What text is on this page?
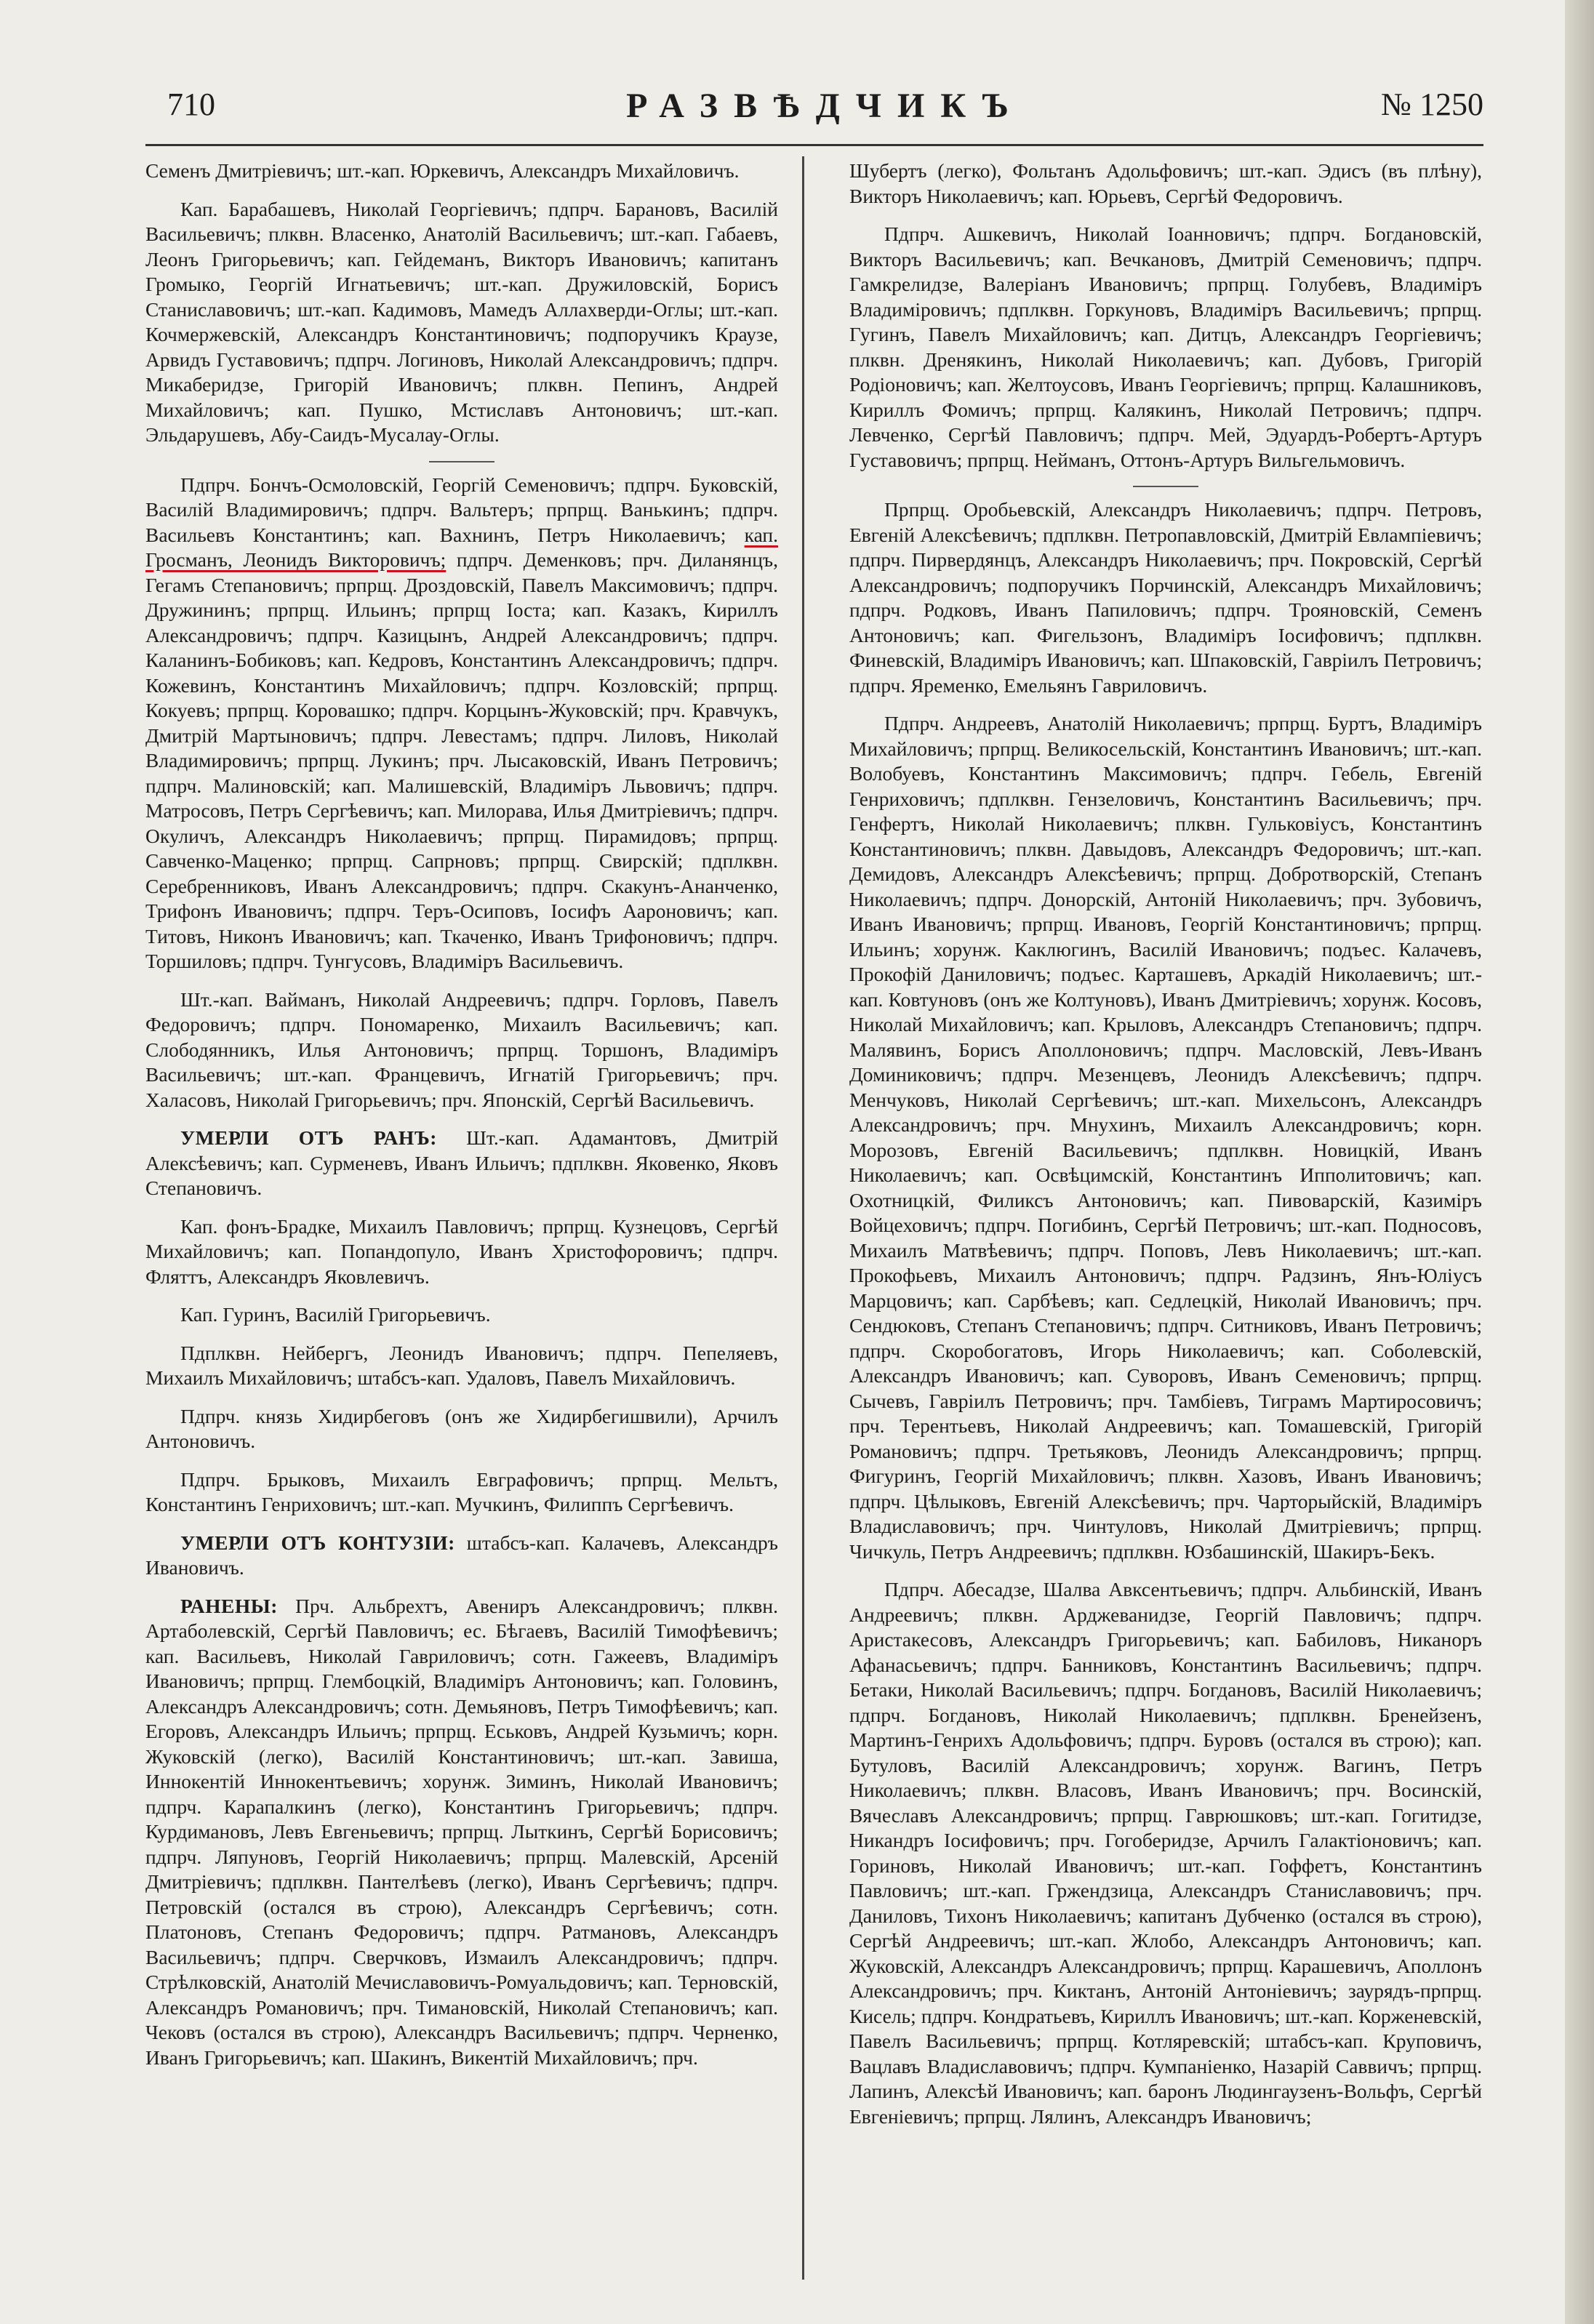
710	РАЗВѢДЧИКЪ	№ 1250

Семенъ Дмитріевичъ; шт.-кап. Юркевичъ, Александръ Михайловичъ.

Кап. Барабашевъ, Николай Георгіевичъ; пдпрч. Барановъ, Василій Васильевичъ; плквн. Власенко, Анатолій Васильевичъ; шт.-кап. Габаевъ, Леонъ Григорьевичъ; кап. Гейдеманъ, Викторъ Ивановичъ; капитанъ Громыко, Георгій Игнатьевичъ; шт.-кап. Дружиловскій, Борисъ Станиславовичъ; шт.-кап. Кадимовъ, Мамедъ Аллахверди-Оглы; шт.-кап. Кочмержевскій, Александръ Константиновичъ; подпоручикъ Краузе, Арвидъ Густавовичъ; пдпрч. Логиновъ, Николай Александровичъ; пдпрч. Микаберидзе, Григорій Ивановичъ; плквн. Пепинъ, Андрей Михайловичъ; кап. Пушко, Мстиславъ Антоновичъ; шт.-кап. Эльдарушевъ, Абу-Саидъ-Мусалау-Оглы.

Пдпрч. Бончъ-Осмоловскій, Георгій Семеновичъ; пдпрч. Буковскій, Василій Владимировичъ; пдпрч. Вальтеръ; прпрщ. Ванькинъ; пдпрч. Васильевъ Константинъ; кап. Вахнинъ, Петръ Николаевичъ; кап. Гросманъ, Леонидъ Викторовичъ; пдпрч. Деменковъ; прч. Диланянцъ, Гегамъ Степановичъ; прпрщ. Дроздовскій, Павелъ Максимовичъ; пдпрч. Дружининъ; прпрщ. Ильинъ; прпрщ Іоста; кап. Казакъ, Кириллъ Александровичъ; пдпрч. Казицынъ, Андрей Александровичъ; пдпрч. Каланинъ-Бобиковъ; кап. Кедровъ, Константинъ Александровичъ; пдпрч. Кожевинъ, Константинъ Михайловичъ; пдпрч. Козловскій; прпрщ. Кокуевъ; прпрщ. Коровашко; пдпрч. Корцынъ-Жуковскій; прч. Кравчукъ, Дмитрій Мартыновичъ; пдпрч. Левестамъ; пдпрч. Лиловъ, Николай Владимировичъ; прпрщ. Лукинъ; прч. Лысаковскій, Иванъ Петровичъ; пдпрч. Малиновскій; кап. Малишевскій, Владиміръ Львовичъ; пдпрч. Матросовъ, Петръ Сергѣевичъ; кап. Милорава, Илья Дмитріевичъ; пдпрч. Окуличъ, Александръ Николаевичъ; прпрщ. Пирамидовъ; прпрщ. Савченко-Маценко; прпрщ. Сапрновъ; прпрщ. Свирскій; пдплквн. Серебренниковъ, Иванъ Александровичъ; пдпрч. Скакунъ-Ананченко, Трифонъ Ивановичъ; пдпрч. Теръ-Осиповъ, Іосифъ Аароновичъ; кап. Титовъ, Никонъ Ивановичъ; кап. Ткаченко, Иванъ Трифоновичъ; пдпрч. Торшиловъ; пдпрч. Тунгусовъ, Владиміръ Васильевичъ.

Шт.-кап. Вайманъ, Николай Андреевичъ; пдпрч. Горловъ, Павелъ Федоровичъ; пдпрч. Пономаренко, Михаилъ Васильевичъ; кап. Слободянникъ, Илья Антоновичъ; прпрщ. Торшонъ, Владиміръ Васильевичъ; шт.-кап. Францевичъ, Игнатій Григорьевичъ; прч. Халасовъ, Николай Григорьевичъ; прч. Японскій, Сергѣй Васильевичъ.

УМЕРЛИ ОТЪ РАНЪ: Шт.-кап. Адамантовъ, Дмитрій Алексѣевичъ; кап. Сурменевъ, Иванъ Ильичъ; пдплквн. Яковенко, Яковъ Степановичъ.

Кап. фонъ-Брадке, Михаилъ Павловичъ; прпрщ. Кузнецовъ, Сергѣй Михайловичъ; кап. Попандопуло, Иванъ Христофоровичъ; пдпрч. Фляттъ, Александръ Яковлевичъ.

Кап. Гуринъ, Василій Григорьевичъ.

Пдплквн. Нейбергъ, Леонидъ Ивановичъ; пдпрч. Пепеляевъ, Михаилъ Михайловичъ; штабсъ-кап. Удаловъ, Павелъ Михайловичъ.

Пдпрч. князь Хидирбеговъ (онъ же Хидирбегишвили), Арчилъ Антоновичъ.

Пдпрч. Брыковъ, Михаилъ Евграфовичъ; прпрщ. Мельтъ, Константинъ Генриховичъ; шт.-кап. Мучкинъ, Филиппъ Сергѣевичъ.

УМЕРЛИ ОТЪ КОНТУЗІИ: штабсъ-кап. Калачевъ, Александръ Ивановичъ.

РАНЕНЫ: Прч. Альбрехтъ, Авениръ Александровичъ; плквн. Артаболевскій, Сергѣй Павловичъ; ес. Бѣгаевъ, Василій Тимофѣевичъ; кап. Васильевъ, Николай Гавриловичъ; сотн. Гажеевъ, Владиміръ Ивановичъ; прпрщ. Глембоцкій, Владиміръ Антоновичъ; кап. Головинъ, Александръ Александровичъ; сотн. Демьяновъ, Петръ Тимофѣевичъ; кап. Егоровъ, Александръ Ильичъ; прпрщ. Еськовъ, Андрей Кузьмичъ; корн. Жуковскій (легко), Василій Константиновичъ; шт.-кап. Завиша, Иннокентій Иннокентьевичъ; хорунж. Зиминъ, Николай Ивановичъ; пдпрч. Карапалкинъ (легко), Константинъ Григорьевичъ; пдпрч. Курдимановъ, Левъ Евгеньевичъ; прпрщ. Лыткинъ, Сергѣй Борисовичъ; пдпрч. Ляпуновъ, Георгій Николаевичъ; прпрщ. Малевскій, Арсеній Дмитріевичъ; пдплквн. Пантелѣевъ (легко), Иванъ Сергѣевичъ; пдпрч. Петровскій (остался въ строю), Александръ Сергѣевичъ; сотн. Платоновъ, Степанъ Федоровичъ; пдпрч. Ратмановъ, Александръ Васильевичъ; пдпрч. Сверчковъ, Измаилъ Александровичъ; пдпрч. Стрѣлковскій, Анатолій Мечиславовичъ-Ромуальдовичъ; кап. Терновскій, Александръ Романовичъ; прч. Тимановскій, Николай Степановичъ; кап. Чековъ (остался въ строю), Александръ Васильевичъ; пдпрч. Черненко, Иванъ Григорьевичъ; кап. Шакинъ, Викентій Михайловичъ; прч.

Шубертъ (легко), Фольтанъ Адольфовичъ; шт.-кап. Эдисъ (въ плѣну), Викторъ Николаевичъ; кап. Юрьевъ, Сергѣй Федоровичъ.

Пдпрч. Ашкевичъ, Николай Іоанновичъ; пдпрч. Богдановскій, Викторъ Васильевичъ; кап. Вечкановъ, Дмитрій Семеновичъ; пдпрч. Гамкрелидзе, Валеріанъ Ивановичъ; прпрщ. Голубевъ, Владиміръ Владиміровичъ; пдплквн. Горкуновъ, Владиміръ Васильевичъ; прпрщ. Гугинъ, Павелъ Михайловичъ; кап. Дитцъ, Александръ Георгіевичъ; плквн. Дренякинъ, Николай Николаевичъ; кап. Дубовъ, Григорій Родіоновичъ; кап. Желтоусовъ, Иванъ Георгіевичъ; прпрщ. Калашниковъ, Кириллъ Фомичъ; прпрщ. Калякинъ, Николай Петровичъ; пдпрч. Левченко, Сергѣй Павловичъ; пдпрч. Мей, Эдуардъ-Робертъ-Артуръ Густавовичъ; прпрщ. Нейманъ, Оттонъ-Артуръ Вильгельмовичъ.

Прпрщ. Оробьевскій, Александръ Николаевичъ; пдпрч. Петровъ, Евгеній Алексѣевичъ; пдплквн. Петропавловскій, Дмитрій Евлампіевичъ; пдпрч. Пирвердянцъ, Александръ Николаевичъ; прч. Покровскій, Сергѣй Александровичъ; подпоручикъ Порчинскій, Александръ Михайловичъ; пдпрч. Родковъ, Иванъ Папиловичъ; пдпрч. Трояновскій, Семенъ Антоновичъ; кап. Фигельзонъ, Владиміръ Іосифовичъ; пдплквн. Финевскій, Владиміръ Ивановичъ; кап. Шпаковскій, Гавріилъ Петровичъ; пдпрч. Яременко, Емельянъ Гавриловичъ.

Пдпрч. Андреевъ, Анатолій Николаевичъ; прпрщ. Буртъ, Владиміръ Михайловичъ; прпрщ. Великосельскій, Константинъ Ивановичъ; шт.-кап. Волобуевъ, Константинъ Максимовичъ; пдпрч. Гебель, Евгеній Генриховичъ; пдплквн. Гензеловичъ, Константинъ Васильевичъ; прч. Генфертъ, Николай Николаевичъ; плквн. Гульковіусъ, Константинъ Константиновичъ; плквн. Давыдовъ, Александръ Федоровичъ; шт.-кап. Демидовъ, Александръ Алексѣевичъ; прпрщ. Добротворскій, Степанъ Николаевичъ; пдпрч. Донорскій, Антоній Николаевичъ; прч. Зубовичъ, Иванъ Ивановичъ; прпрщ. Ивановъ, Георгій Константиновичъ; прпрщ. Ильинъ; хорунж. Каклюгинъ, Василій Ивановичъ; подъес. Калачевъ, Прокофій Даниловичъ; подъес. Карташевъ, Аркадій Николаевичъ; шт.-кап. Ковтуновъ (онъ же Колтуновъ), Иванъ Дмитріевичъ; хорунж. Косовъ, Николай Михайловичъ; кап. Крыловъ, Александръ Степановичъ; пдпрч. Малявинъ, Борисъ Аполлоновичъ; пдпрч. Масловскій, Левъ-Иванъ Доминиковичъ; пдпрч. Мезенцевъ, Леонидъ Алексѣевичъ; пдпрч. Менчуковъ, Николай Сергѣевичъ; шт.-кап. Михельсонъ, Александръ Александровичъ; прч. Мнухинъ, Михаилъ Александровичъ; корн. Морозовъ, Евгеній Васильевичъ; пдплквн. Новицкій, Иванъ Николаевичъ; кап. Освѣцимскій, Константинъ Ипполитовичъ; кап. Охотницкій, Филиксъ Антоновичъ; кап. Пивоварскій, Казиміръ Войцеховичъ; пдпрч. Погибинъ, Сергѣй Петровичъ; шт.-кап. Подносовъ, Михаилъ Матвѣевичъ; пдпрч. Поповъ, Левъ Николаевичъ; шт.-кап. Прокофьевъ, Михаилъ Антоновичъ; пдпрч. Радзинъ, Янъ-Юліусъ Марцовичъ; кап. Сарбѣевъ; кап. Седлецкій, Николай Ивановичъ; прч. Сендюковъ, Степанъ Степановичъ; пдпрч. Ситниковъ, Иванъ Петровичъ; пдпрч. Скоробогатовъ, Игорь Николаевичъ; кап. Соболевскій, Александръ Ивановичъ; кап. Суворовъ, Иванъ Семеновичъ; прпрщ. Сычевъ, Гавріилъ Петровичъ; прч. Тамбіевъ, Тиграмъ Мартиросовичъ; прч. Терентьевъ, Николай Андреевичъ; кап. Томашевскій, Григорій Романовичъ; пдпрч. Третьяковъ, Леонидъ Александровичъ; прпрщ. Фигуринъ, Георгій Михайловичъ; плквн. Хазовъ, Иванъ Ивановичъ; пдпрч. Цѣлыковъ, Евгеній Алексѣевичъ; прч. Чарторыйскій, Владиміръ Владиславовичъ; прч. Чинтуловъ, Николай Дмитріевичъ; прпрщ. Чичкуль, Петръ Андреевичъ; пдплквн. Юзбашинскій, Шакиръ-Бекъ.

Пдпрч. Абесадзе, Шалва Авксентьевичъ; пдпрч. Альбинскій, Иванъ Андреевичъ; плквн. Арджеванидзе, Георгій Павловичъ; пдпрч. Аристакесовъ, Александръ Григорьевичъ; кап. Бабиловъ, Никаноръ Афанасьевичъ; пдпрч. Банниковъ, Константинъ Васильевичъ; пдпрч. Бетаки, Николай Васильевичъ; пдпрч. Богдановъ, Василій Николаевичъ; пдпрч. Богдановъ, Николай Николаевичъ; пдплквн. Бренейзенъ, Мартинъ-Генрихъ Адольфовичъ; пдпрч. Буровъ (остался въ строю); кап. Бутуловъ, Василій Александровичъ; хорунж. Вагинъ, Петръ Николаевичъ; плквн. Власовъ, Иванъ Ивановичъ; прч. Восинскій, Вячеславъ Александровичъ; прпрщ. Гаврюшковъ; шт.-кап. Гогитидзе, Никандръ Іосифовичъ; прч. Гогоберидзе, Арчилъ Галактіоновичъ; кап. Гориновъ, Николай Ивановичъ; шт.-кап. Гоффетъ, Константинъ Павловичъ; шт.-кап. Гржендзица, Александръ Станиславовичъ; прч. Даниловъ, Тихонъ Николаевичъ; капитанъ Дубченко (остался въ строю), Сергѣй Андреевичъ; шт.-кап. Жлобо, Александръ Антоновичъ; кап. Жуковскій, Александръ Александровичъ; прпрщ. Карашевичъ, Аполлонъ Александровичъ; прч. Киктанъ, Антоній Антоніевичъ; заурядъ-прпрщ. Кисель; пдпрч. Кондратьевъ, Кириллъ Ивановичъ; шт.-кап. Корженевскій, Павелъ Васильевичъ; прпрщ. Котляревскій; штабсъ-кап. Круповичъ, Вацлавъ Владиславовичъ; пдпрч. Кумпаніенко, Назарій Саввичъ; прпрщ. Лапинъ, Алексѣй Ивановичъ; кап. баронъ Людингаузенъ-Вольфъ, Сергѣй Евгеніевичъ; прпрщ. Лялинъ, Александръ Ивановичъ;
